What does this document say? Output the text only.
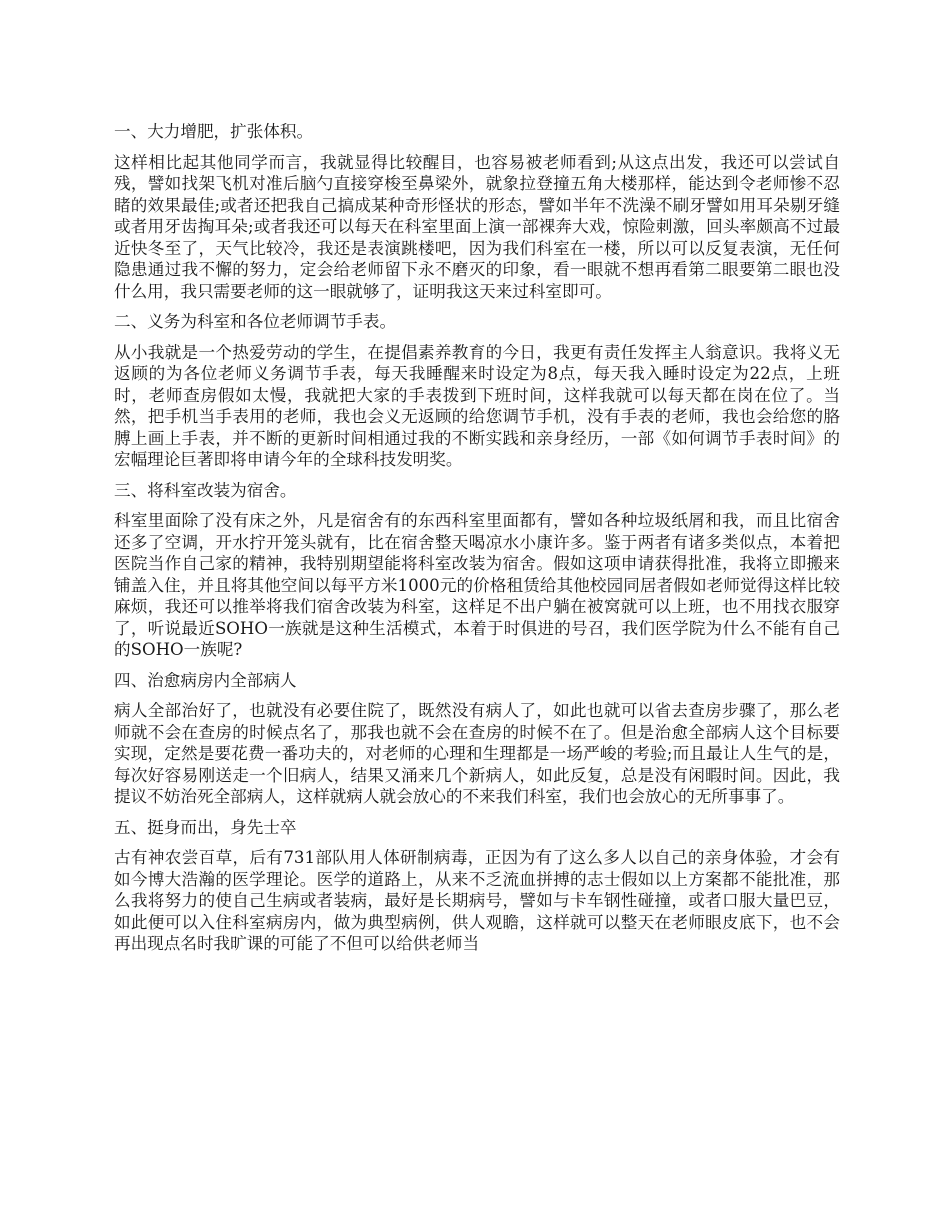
一、大力增肥，扩张体积。

这样相比起其他同学而言，我就显得比较醒目，也容易被老师看到;从这点出发，我还可以尝试自残，譬如找架飞机对准后脑勺直接穿梭至鼻梁外，就象拉登撞五角大楼那样，能达到令老师惨不忍睹的效果最佳;或者还把我自己搞成某种奇形怪状的形态，譬如半年不洗澡不刷牙譬如用耳朵剔牙缝或者用牙齿掏耳朵;或者我还可以每天在科室里面上演一部裸奔大戏，惊险刺激，回头率颇高不过最近快冬至了，天气比较冷，我还是表演跳楼吧，因为我们科室在一楼，所以可以反复表演，无任何隐患通过我不懈的努力，定会给老师留下永不磨灭的印象，看一眼就不想再看第二眼要第二眼也没什么用，我只需要老师的这一眼就够了，证明我这天来过科室即可。

二、义务为科室和各位老师调节手表。

从小我就是一个热爱劳动的学生，在提倡素养教育的今日，我更有责任发挥主人翁意识。我将义无返顾的为各位老师义务调节手表，每天我睡醒来时设定为8点，每天我入睡时设定为22点，上班时，老师查房假如太慢，我就把大家的手表拨到下班时间，这样我就可以每天都在岗在位了。当然，把手机当手表用的老师，我也会义无返顾的给您调节手机，没有手表的老师，我也会给您的胳膊上画上手表，并不断的更新时间相通过我的不断实践和亲身经历，一部《如何调节手表时间》的宏幅理论巨著即将申请今年的全球科技发明奖。

三、将科室改装为宿舍。

科室里面除了没有床之外，凡是宿舍有的东西科室里面都有，譬如各种垃圾纸屑和我，而且比宿舍还多了空调，开水拧开笼头就有，比在宿舍整天喝凉水小康许多。鉴于两者有诸多类似点，本着把医院当作自己家的精神，我特别期望能将科室改装为宿舍。假如这项申请获得批准，我将立即搬来铺盖入住，并且将其他空间以每平方米1000元的价格租赁给其他校园同居者假如老师觉得这样比较麻烦，我还可以推举将我们宿舍改装为科室，这样足不出户躺在被窝就可以上班，也不用找衣服穿了，听说最近SOHO一族就是这种生活模式，本着于时俱进的号召，我们医学院为什么不能有自己的SOHO一族呢?

四、治愈病房内全部病人

病人全部治好了，也就没有必要住院了，既然没有病人了，如此也就可以省去查房步骤了，那么老师就不会在查房的时候点名了，那我也就不会在查房的时候不在了。但是治愈全部病人这个目标要实现，定然是要花费一番功夫的，对老师的心理和生理都是一场严峻的考验;而且最让人生气的是，每次好容易刚送走一个旧病人，结果又涌来几个新病人，如此反复，总是没有闲暇时间。因此，我提议不妨治死全部病人，这样就病人就会放心的不来我们科室，我们也会放心的无所事事了。

五、挺身而出，身先士卒

古有神农尝百草，后有731部队用人体研制病毒，正因为有了这么多人以自己的亲身体验，才会有如今博大浩瀚的医学理论。医学的道路上，从来不乏流血拼搏的志士假如以上方案都不能批准，那么我将努力的使自己生病或者装病，最好是长期病号，譬如与卡车钢性碰撞，或者口服大量巴豆，如此便可以入住科室病房内，做为典型病例，供人观瞻，这样就可以整天在老师眼皮底下，也不会再出现点名时我旷课的可能了不但可以给供老师当
